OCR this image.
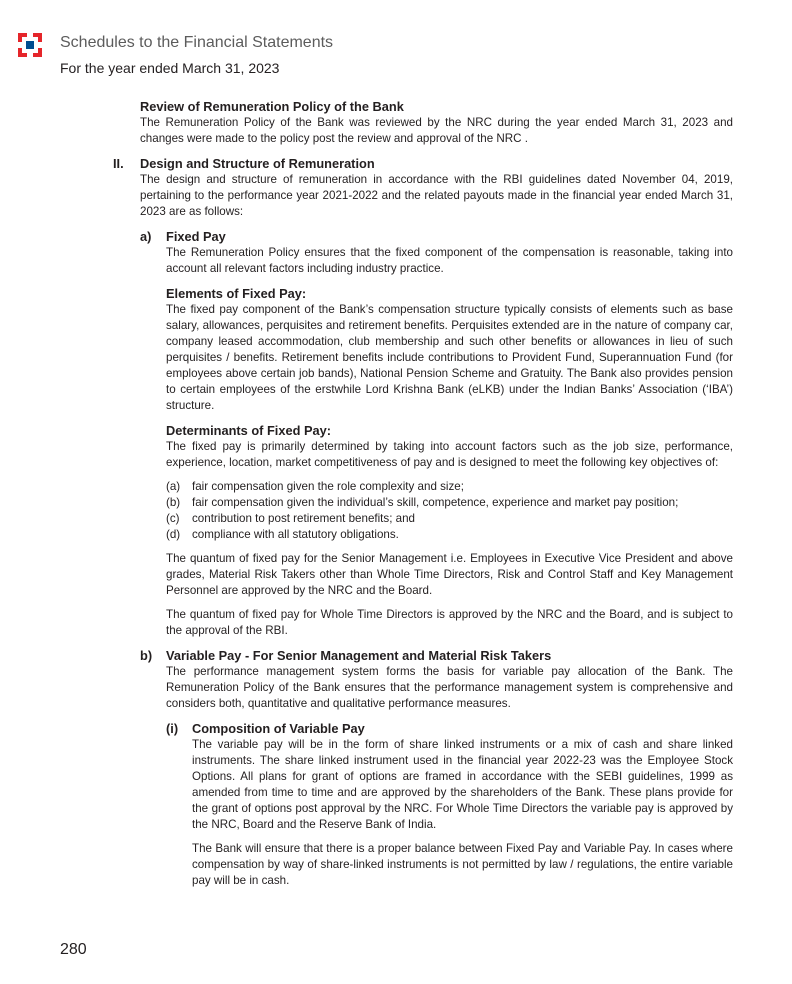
Schedules to the Financial Statements
For the year ended March 31, 2023
Review of Remuneration Policy of the Bank

The Remuneration Policy of the Bank was reviewed by the NRC during the year ended March 31, 2023 and changes were made to the policy post the review and approval of the NRC .

II. Design and Structure of Remuneration

The design and structure of remuneration in accordance with the RBI guidelines dated November 04, 2019, pertaining to the performance year 2021-2022 and the related payouts made in the financial year ended March 31, 2023 are as follows:

a) Fixed Pay

The Remuneration Policy ensures that the fixed component of the compensation is reasonable, taking into account all relevant factors including industry practice.

Elements of Fixed Pay:

The fixed pay component of the Bank’s compensation structure typically consists of elements such as base salary, allowances, perquisites and retirement benefits. Perquisites extended are in the nature of company car, company leased accommodation, club membership and such other benefits or allowances in lieu of such perquisites / benefits. Retirement benefits include contributions to Provident Fund, Superannuation Fund (for employees above certain job bands), National Pension Scheme and Gratuity. The Bank also provides pension to certain employees of the erstwhile Lord Krishna Bank (eLKB) under the Indian Banks’ Association (‘IBA’) structure.

Determinants of Fixed Pay:

The fixed pay is primarily determined by taking into account factors such as the job size, performance, experience, location, market competitiveness of pay and is designed to meet the following key objectives of:

(a) fair compensation given the role complexity and size;
(b) fair compensation given the individual’s skill, competence, experience and market pay position;
(c) contribution to post retirement benefits; and
(d) compliance with all statutory obligations.

The quantum of fixed pay for the Senior Management i.e. Employees in Executive Vice President and above grades, Material Risk Takers other than Whole Time Directors, Risk and Control Staff and Key Management Personnel are approved by the NRC and the Board.

The quantum of fixed pay for Whole Time Directors is approved by the NRC and the Board, and is subject to the approval of the RBI.

b) Variable Pay - For Senior Management and Material Risk Takers

The performance management system forms the basis for variable pay allocation of the Bank. The Remuneration Policy of the Bank ensures that the performance management system is comprehensive and considers both, quantitative and qualitative performance measures.

(i) Composition of Variable Pay

The variable pay will be in the form of share linked instruments or a mix of cash and share linked instruments. The share linked instrument used in the financial year 2022-23 was the Employee Stock Options. All plans for grant of options are framed in accordance with the SEBI guidelines, 1999 as amended from time to time and are approved by the shareholders of the Bank. These plans provide for the grant of options post approval by the NRC. For Whole Time Directors the variable pay is approved by the NRC, Board and the Reserve Bank of India.

The Bank will ensure that there is a proper balance between Fixed Pay and Variable Pay. In cases where compensation by way of share-linked instruments is not permitted by law / regulations, the entire variable pay will be in cash.

280
